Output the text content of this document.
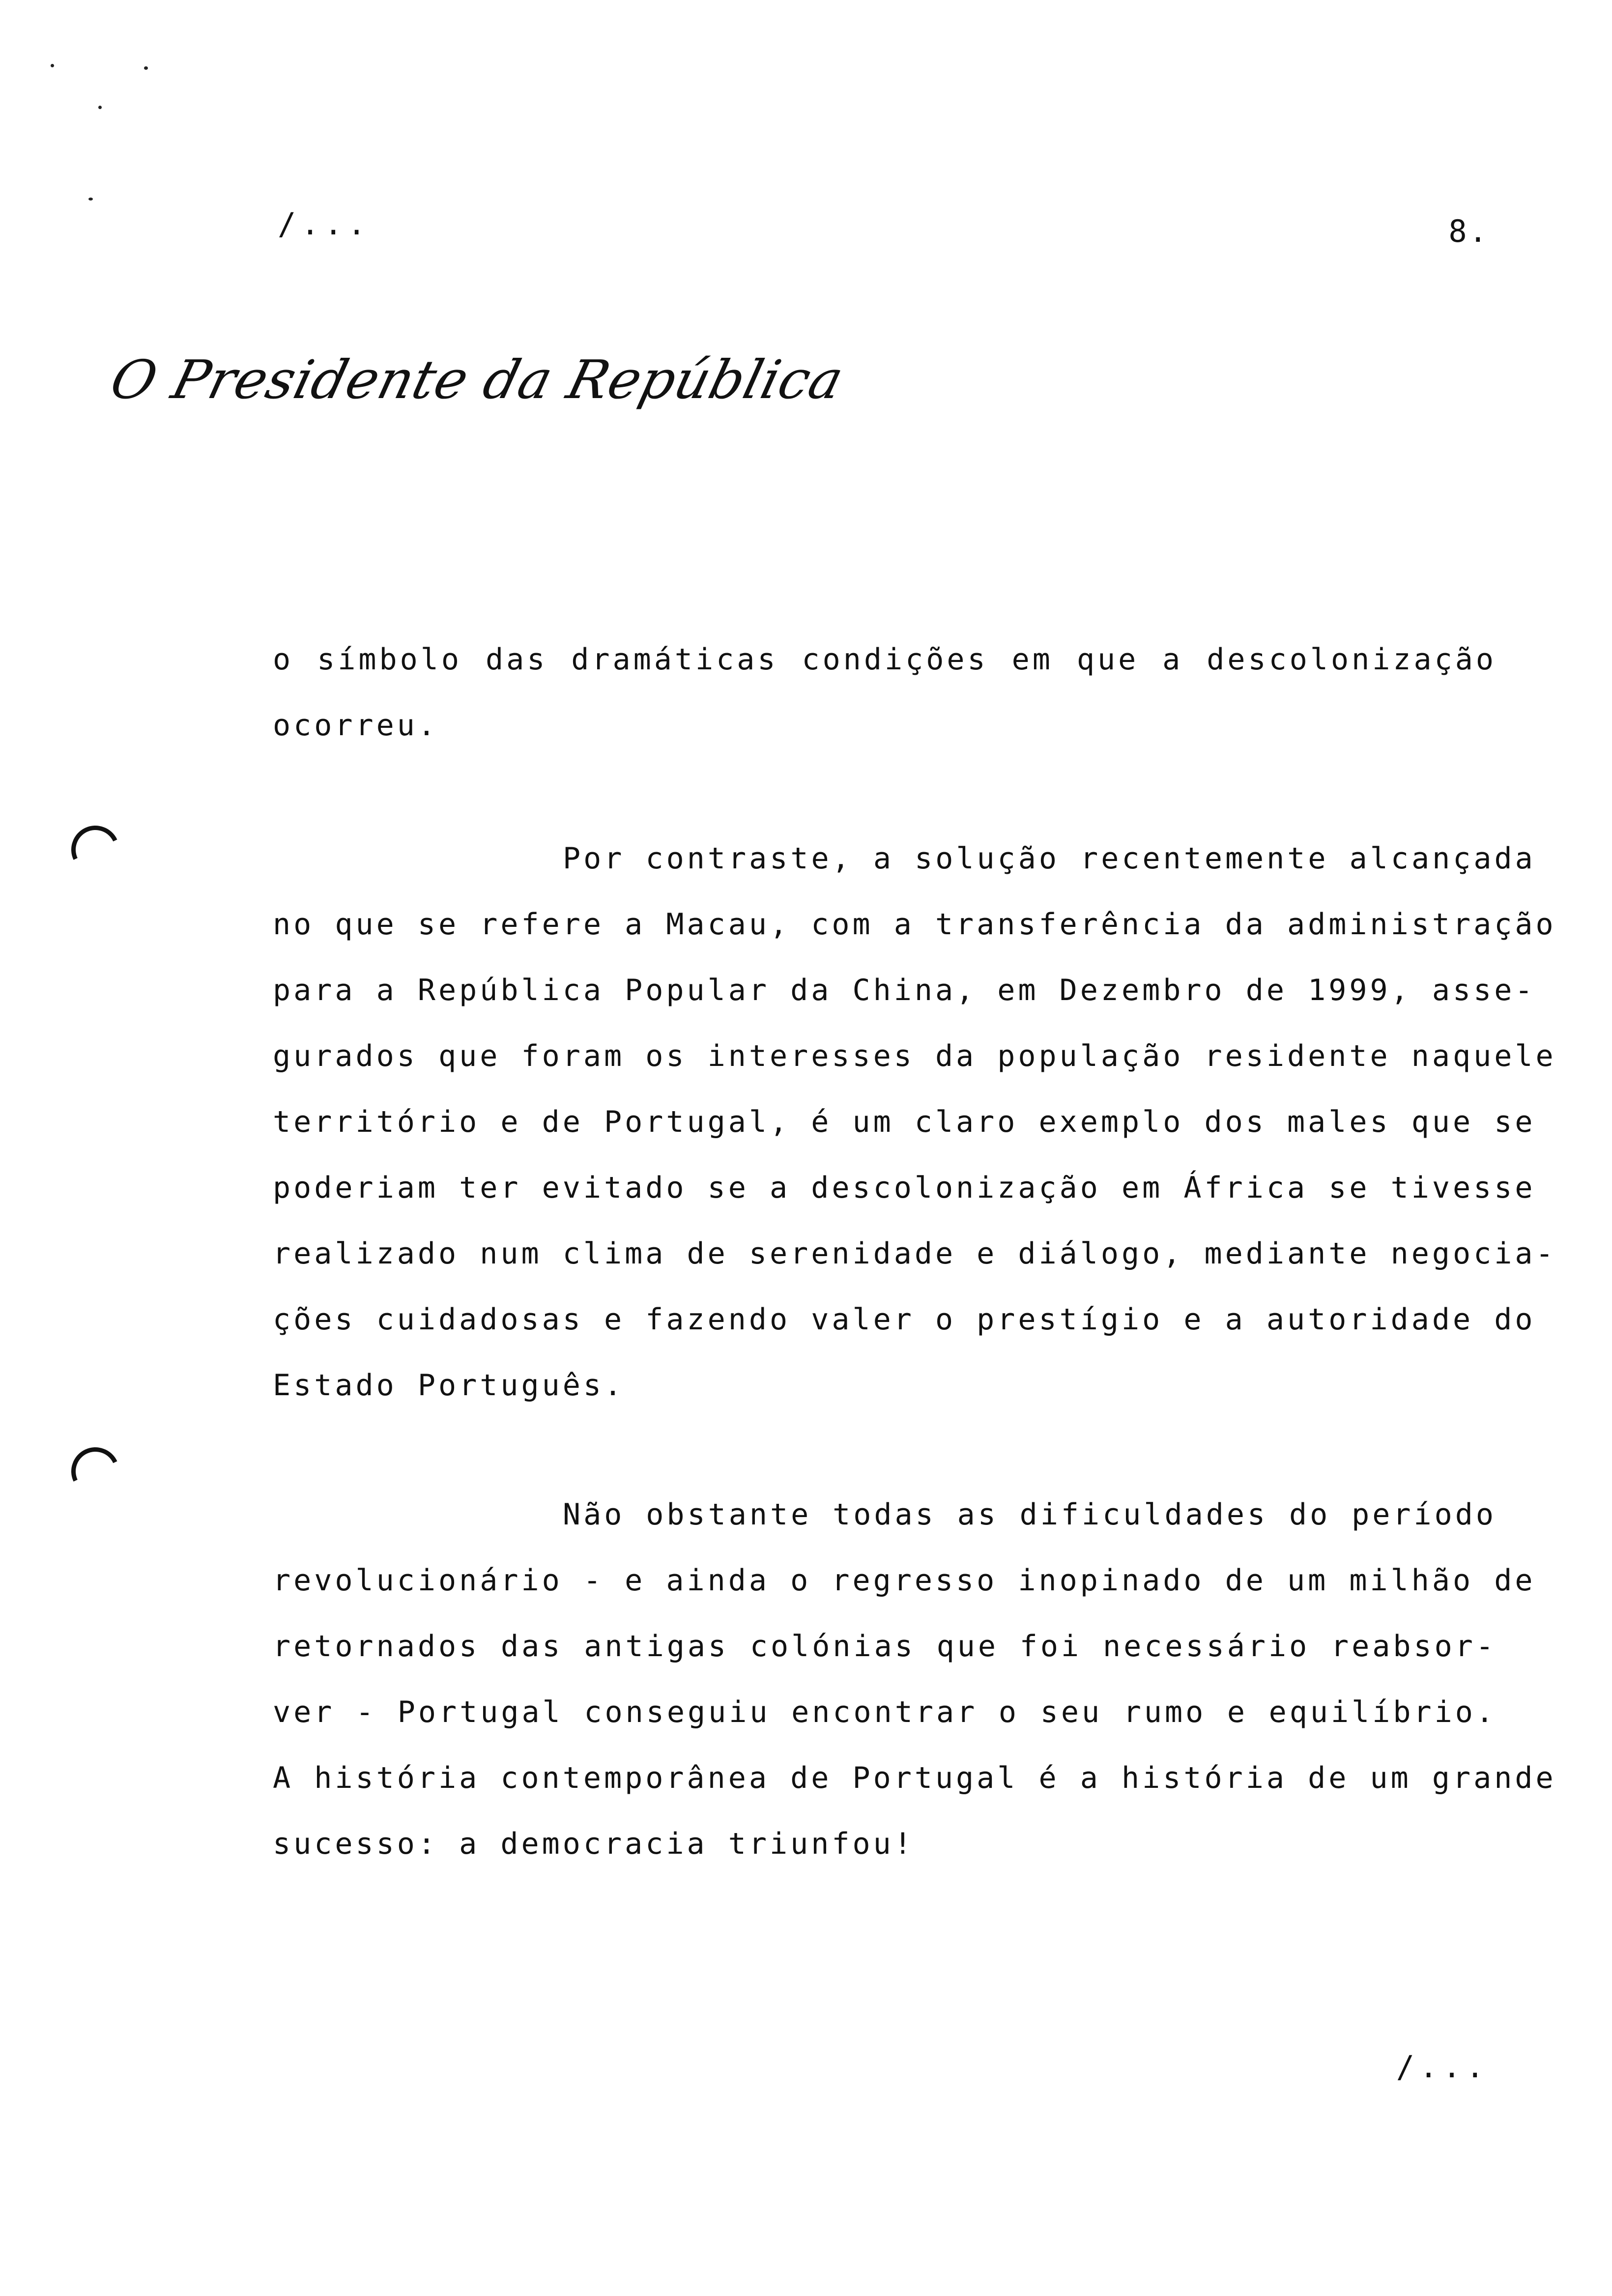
/...	8.
O Presidente da República
o símbolo das dramáticas condições em que a descolonização
ocorreu.
Por contraste, a solução recentemente alcançada
no que se refere a Macau, com a transferência da administração
para a República Popular da China, em Dezembro de 1999, asse-
gurados que foram os interesses da população residente naquele
território e de Portugal, é um claro exemplo dos males que se
poderiam ter evitado se a descolonização em África se tivesse
realizado num clima de serenidade e diálogo, mediante negocia-
ções cuidadosas e fazendo valer o prestígio e a autoridade do
Estado Português.
Não obstante todas as dificuldades do período
revolucionário - e ainda o regresso inopinado de um milhão de
retornados das antigas colónias que foi necessário reabsor-
ver - Portugal conseguiu encontrar o seu rumo e equilíbrio.
A história contemporânea de Portugal é a história de um grande
sucesso: a democracia triunfou!
/...
